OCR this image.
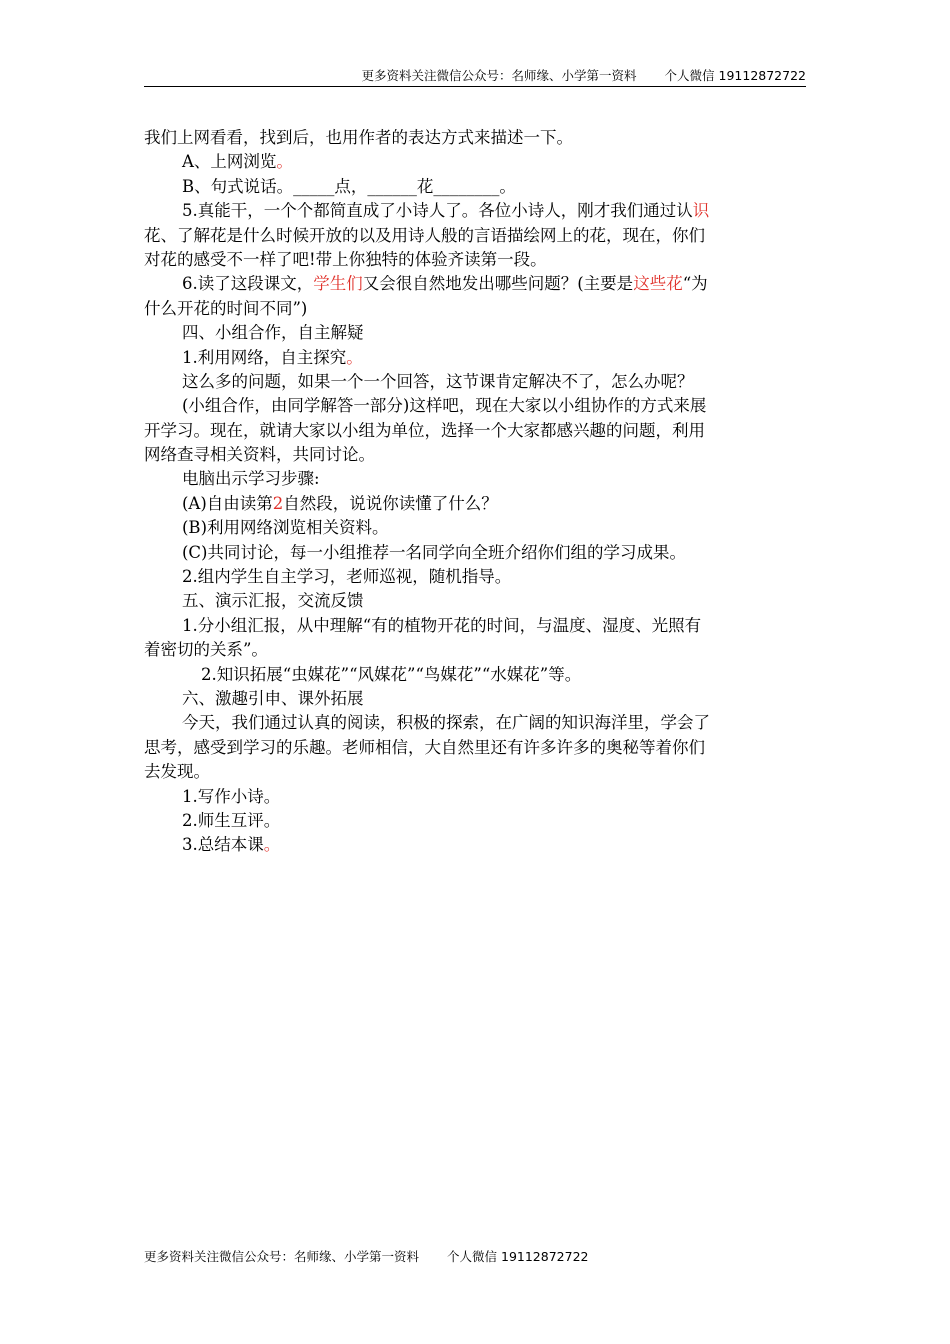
更多资料关注微信公众号：名师缘、小学第一资料 个人微信 19112872722
我们上网看看，找到后，也用作者的表达方式来描述一下。
A、上网浏览。
B、句式说话。_____点，______花________。
5.真能干，一个个都简直成了小诗人了。各位小诗人，刚才我们通过认识
花、了解花是什么时候开放的以及用诗人般的言语描绘网上的花，现在，你们
对花的感受不一样了吧!带上你独特的体验齐读第一段。
6.读了这段课文，学生们又会很自然地发出哪些问题？(主要是这些花“为
什么开花的时间不同”)
四、小组合作，自主解疑
1.利用网络，自主探究。
这么多的问题，如果一个一个回答，这节课肯定解决不了，怎么办呢？
(小组合作，由同学解答一部分)这样吧，现在大家以小组协作的方式来展
开学习。现在，就请大家以小组为单位，选择一个大家都感兴趣的问题，利用
网络查寻相关资料，共同讨论。
电脑出示学习步骤:
(A)自由读第2自然段，说说你读懂了什么？
(B)利用网络浏览相关资料。
(C)共同讨论，每一小组推荐一名同学向全班介绍你们组的学习成果。
2.组内学生自主学习，老师巡视，随机指导。
五、演示汇报，交流反馈
1.分小组汇报，从中理解“有的植物开花的时间，与温度、湿度、光照有
着密切的关系”。
2.知识拓展“虫媒花”“风媒花”“鸟媒花”“水媒花”等。
六、激趣引申、课外拓展
今天，我们通过认真的阅读，积极的探索，在广阔的知识海洋里，学会了
思考，感受到学习的乐趣。老师相信，大自然里还有许多许多的奥秘等着你们
去发现。
1.写作小诗。
2.师生互评。
3.总结本课。
更多资料关注微信公众号：名师缘、小学第一资料 个人微信 19112872722
